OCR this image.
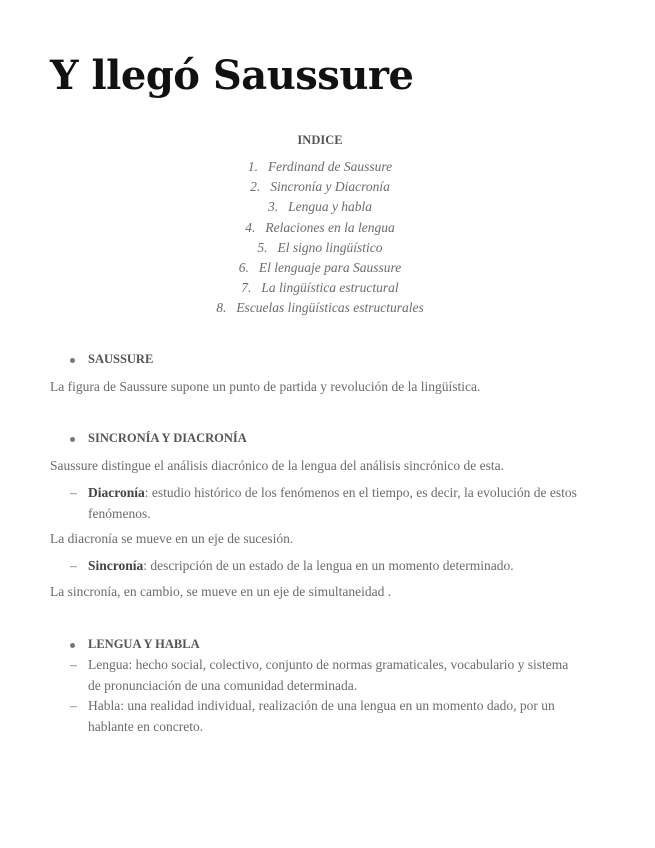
Y llegó Saussure
INDICE
1. Ferdinand de Saussure
2. Sincronía y Diacronía
3. Lengua y habla
4. Relaciones en la lengua
5. El signo lingüístico
6. El lenguaje para Saussure
7. La lingüística estructural
8. Escuelas lingüísticas estructurales
SAUSSURE
La figura de Saussure supone un punto de partida y revolución de la lingüística.
SINCRONÍA Y DIACRONÍA
Saussure distingue el análisis diacrónico de la lengua del análisis sincrónico de esta.
– Diacronía: estudio histórico de los fenómenos en el tiempo, es decir, la evolución de estos fenómenos.
La diacronía se mueve en un eje de sucesión.
– Sincronía: descripción de un estado de la lengua en un momento determinado.
La sincronía, en cambio, se mueve en un eje de simultaneidad .
LENGUA Y HABLA
– Lengua: hecho social, colectivo, conjunto de normas gramaticales, vocabulario y sistema de pronunciación de una comunidad determinada.
– Habla: una realidad individual, realización de una lengua en un momento dado, por un hablante en concreto.
